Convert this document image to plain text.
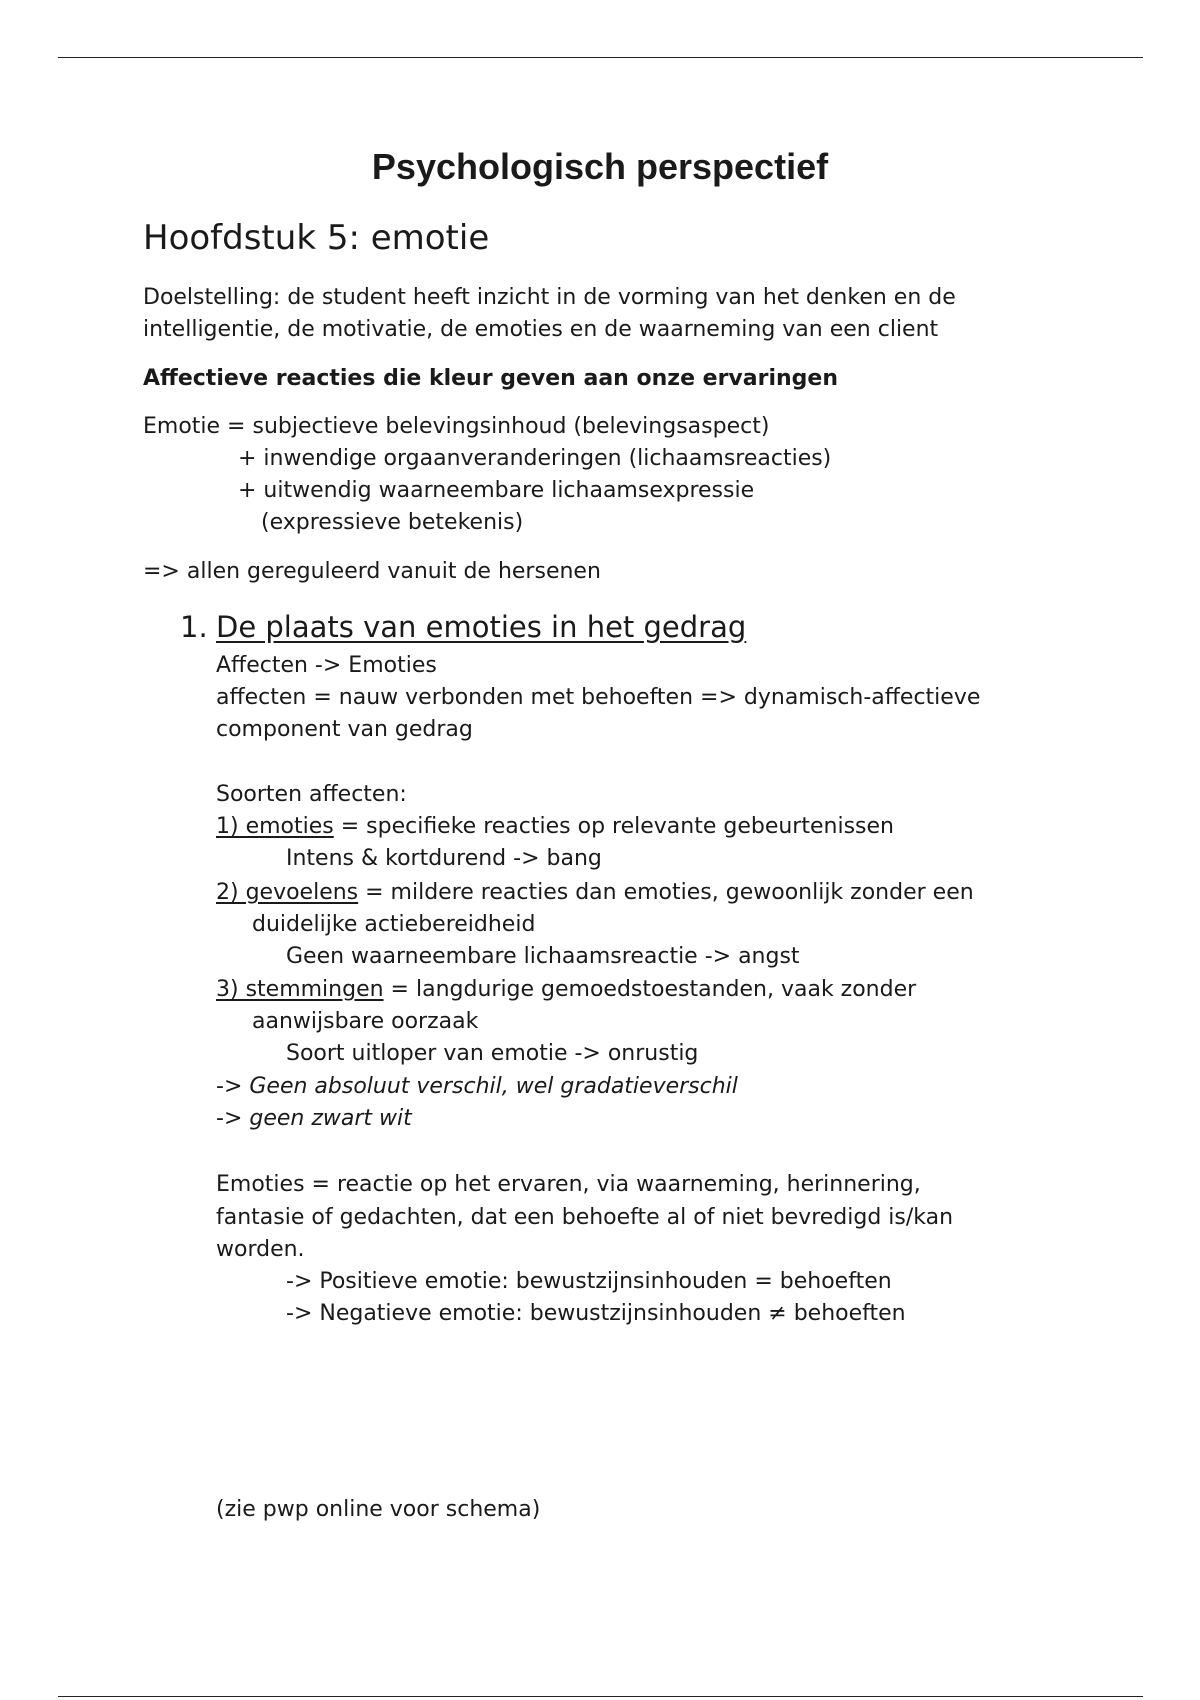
Psychologisch perspectief
Hoofdstuk 5: emotie
Doelstelling: de student heeft inzicht in de vorming van het denken en de
intelligentie, de motivatie, de emoties en de waarneming van een client
Affectieve reacties die kleur geven aan onze ervaringen
Emotie = subjectieve belevingsinhoud (belevingsaspect)
+ inwendige orgaanveranderingen (lichaamsreacties)
+ uitwendig waarneembare lichaamsexpressie
(expressieve betekenis)
=> allen gereguleerd vanuit de hersenen
1. De plaats van emoties in het gedrag
Affecten -> Emoties
affecten = nauw verbonden met behoeften => dynamisch-affectieve
component van gedrag
Soorten affecten:
1) emoties = specifieke reacties op relevante gebeurtenissen
Intens & kortdurend -> bang
2) gevoelens = mildere reacties dan emoties, gewoonlijk zonder een
duidelijke actiebereidheid
Geen waarneembare lichaamsreactie -> angst
3) stemmingen = langdurige gemoedstoestanden, vaak zonder
aanwijsbare oorzaak
Soort uitloper van emotie -> onrustig
-> Geen absoluut verschil, wel gradatieverschil
-> geen zwart wit
Emoties = reactie op het ervaren, via waarneming, herinnering,
fantasie of gedachten, dat een behoefte al of niet bevredigd is/kan
worden.
-> Positieve emotie: bewustzijnsinhouden = behoeften
-> Negatieve emotie: bewustzijnsinhouden ≠ behoeften
(zie pwp online voor schema)
